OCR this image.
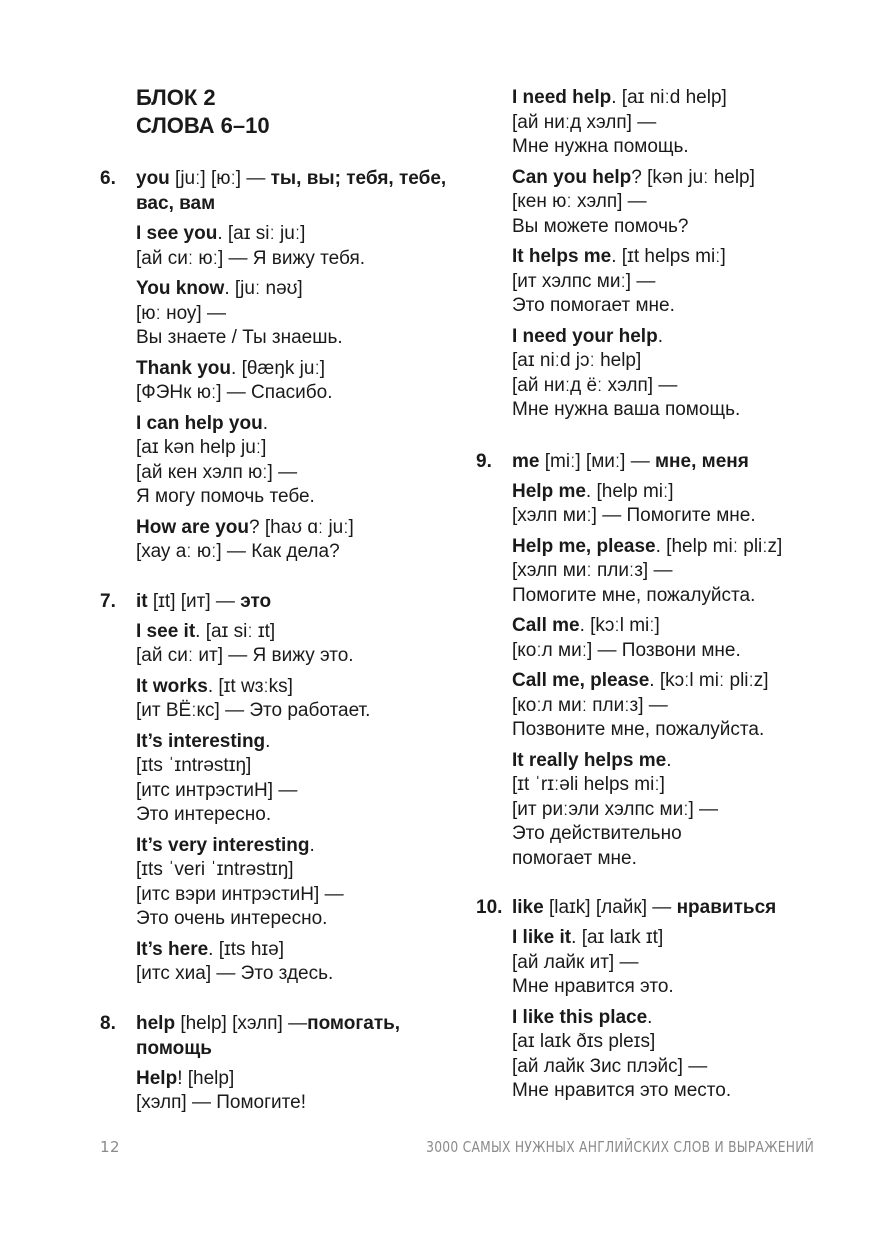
БЛОК 2
СЛОВА 6–10
6. you [juː] [юː] — ты, вы; тебя, тебе, вас, вам
I see you. [aɪ siː juː]
[ай сиː юː] — Я вижу тебя.
You know. [juː nəʊ]
[юː ноу] —
Вы знаете / Ты знаешь.
Thank you. [θæŋk juː]
[ФЭНк юː] — Спасибо.
I can help you.
[aɪ kən help juː]
[ай кен хэлп юː] —
Я могу помочь тебе.
How are you? [haʊ ɑː juː]
[хау аː юː] — Как дела?
7. it [ɪt] [ит] — это
I see it. [aɪ siː ɪt]
[ай сиː ит] — Я вижу это.
It works. [ɪt wɜːks]
[ит ВЁːкс] — Это работает.
It’s interesting.
[ɪts ˈɪntrəstɪŋ]
[итс интрэстиН] —
Это интересно.
It’s very interesting.
[ɪts ˈveri ˈɪntrəstɪŋ]
[итс вэри интрэстиН] —
Это очень интересно.
It’s here. [ɪts hɪə]
[итс хиа] — Это здесь.
8. help [help] [хэлп] —помогать, помощь
Help! [help]
[хэлп] — Помогите!
I need help. [aɪ niːd help]
[ай ниːд хэлп] —
Мне нужна помощь.
Can you help? [kən juː help]
[кен юː хэлп] —
Вы можете помочь?
It helps me. [ɪt helps miː]
[ит хэлпс миː] —
Это помогает мне.
I need your help.
[aɪ niːd jɔː help]
[ай ниːд ёː хэлп] —
Мне нужна ваша помощь.
9. me [miː] [миː] — мне, меня
Help me. [help miː]
[хэлп миː] — Помогите мне.
Help me, please. [help miː pliːz]
[хэлп миː плиːз] —
Помогите мне, пожалуйста.
Call me. [kɔːl miː]
[коːл миː] — Позвони мне.
Call me, please. [kɔːl miː pliːz]
[коːл миː плиːз] —
Позвоните мне, пожалуйста.
It really helps me.
[ɪt ˈrɪːəli helps miː]
[ит риːэли хэлпс миː] —
Это действительно
помогает мне.
10. like [laɪk] [лайк] — нравиться
I like it. [aɪ laɪk ɪt]
[ай лайк ит] —
Мне нравится это.
I like this place.
[aɪ laɪk ðɪs pleɪs]
[ай лайк Зис плэйс] —
Мне нравится это место.
12	3000 САМЫХ НУЖНЫХ АНГЛИЙСКИХ СЛОВ И ВЫРАЖЕНИЙ
